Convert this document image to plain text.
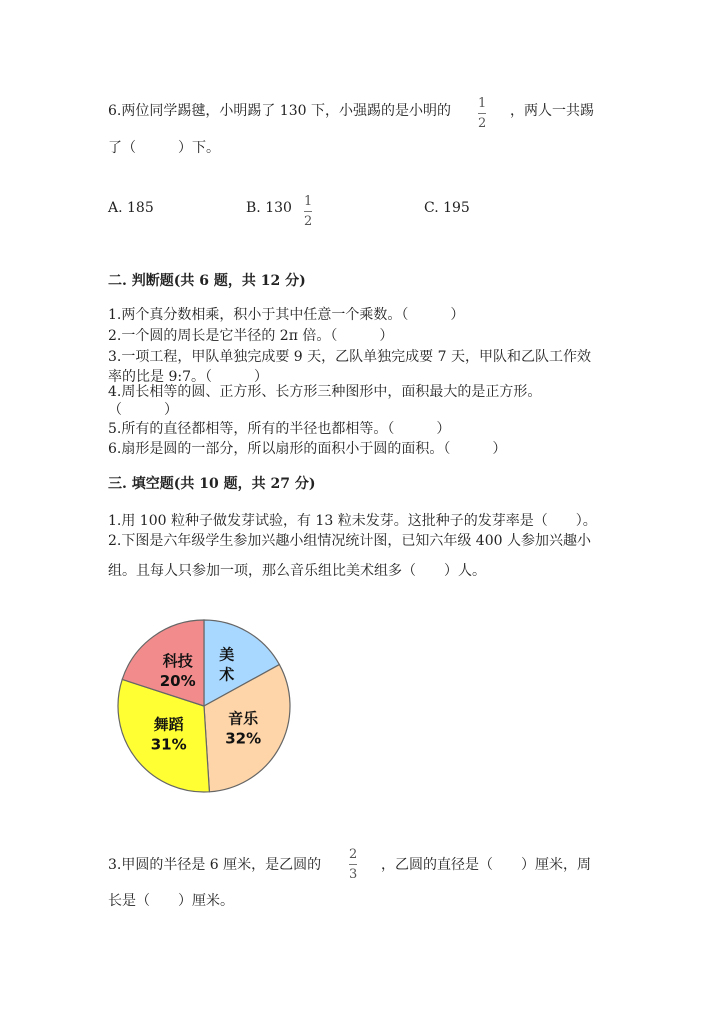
6.两位同学踢毽，小明踢了 130 下，小强踢的是小明的 1
2
，两人一共踢
了（　　　）下。
A. 185	B. 130 1
2
C. 195
二. 判断题(共 6 题，共 12 分)
1.两个真分数相乘，积小于其中任意一个乘数。（　　　）
2.一个圆的周长是它半径的 2π 倍。（　　　）
3.一项工程，甲队单独完成要 9 天，乙队单独完成要 7 天，甲队和乙队工作效
率的比是 9:7。（　　　）
4.周长相等的圆、正方形、长方形三种图形中，面积最大的是正方形。
（　　　）
5.所有的直径都相等，所有的半径也都相等。（　　　）
6.扇形是圆的一部分，所以扇形的面积小于圆的面积。（　　　）
三. 填空题(共 10 题，共 27 分)
1.用 100 粒种子做发芽试验，有 13 粒未发芽。这批种子的发芽率是（　　）。
2.下图是六年级学生参加兴趣小组情况统计图，已知六年级 400 人参加兴趣小
组。且每人只参加一项，那么音乐组比美术组多（　　）人。
美术
音乐
32%
舞蹈
31%
科技
20%
3.甲圆的半径是 6 厘米，是乙圆的
2
3
，乙圆的直径是（　　）厘米，周
长是（　　）厘米。
